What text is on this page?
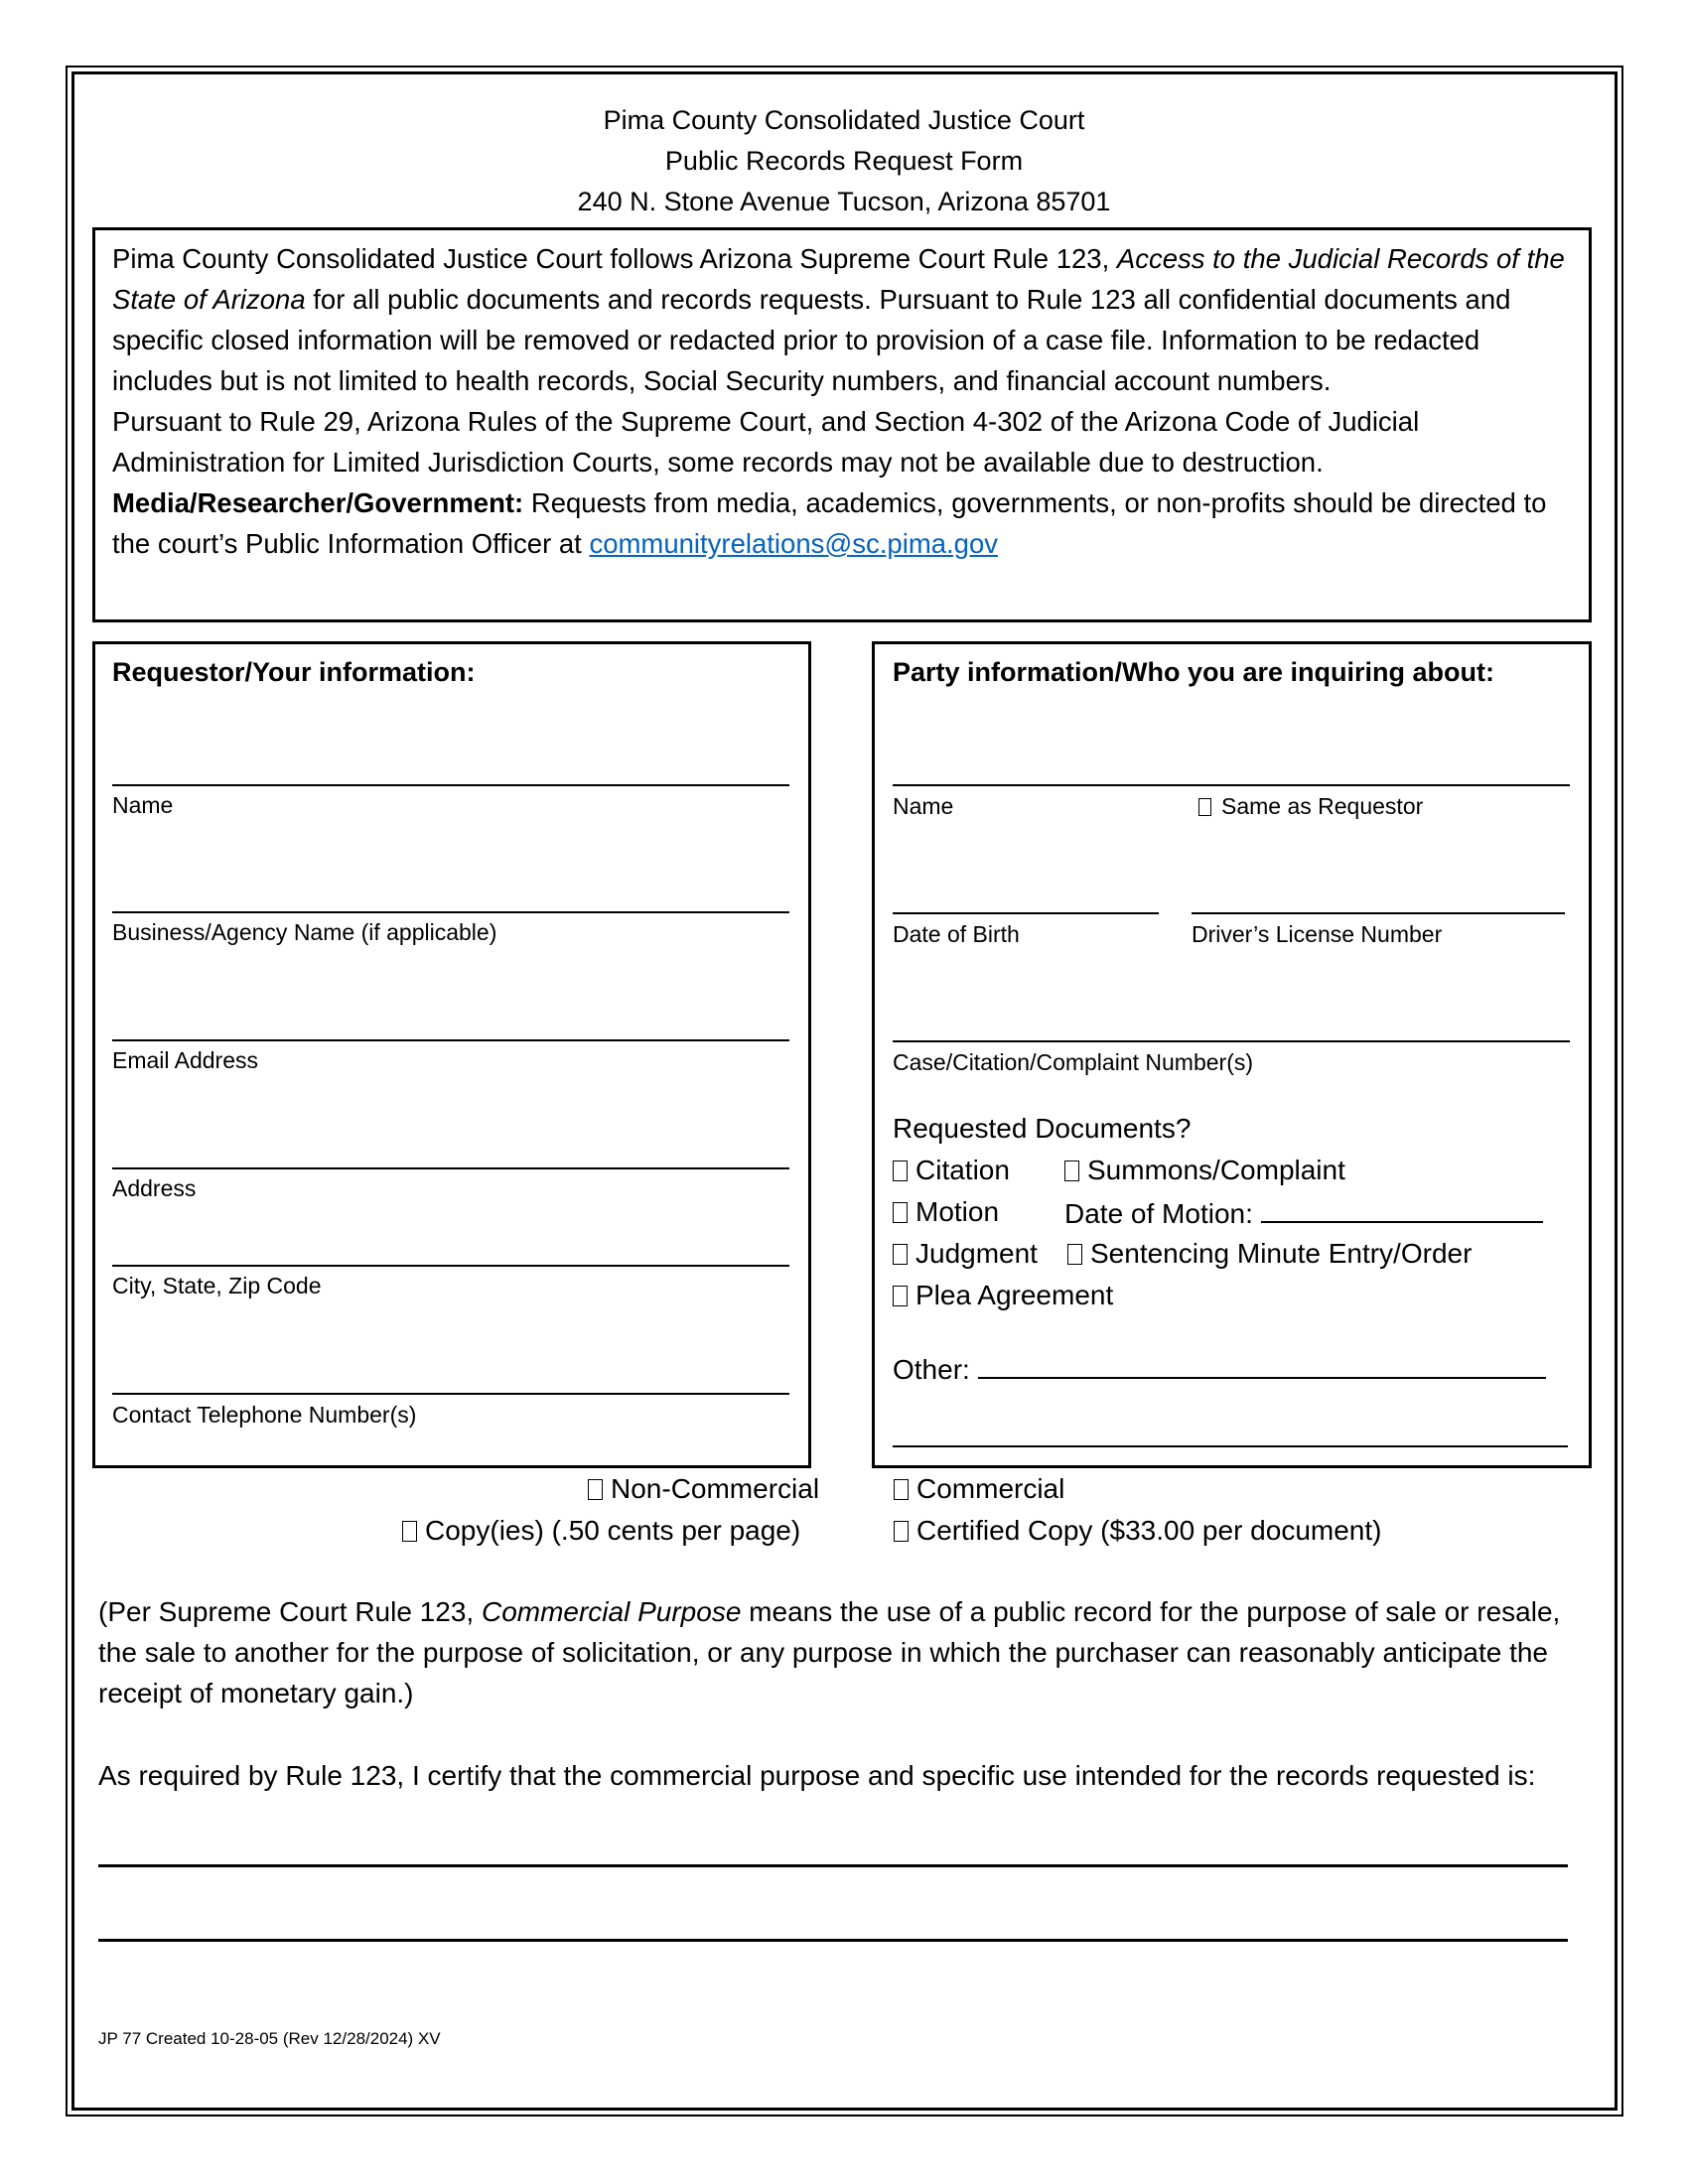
Pima County Consolidated Justice Court
Public Records Request Form
240 N. Stone Avenue Tucson, Arizona 85701

Pima County Consolidated Justice Court follows Arizona Supreme Court Rule 123, Access to the Judicial Records of the State of Arizona for all public documents and records requests. Pursuant to Rule 123 all confidential documents and specific closed information will be removed or redacted prior to provision of a case file. Information to be redacted includes but is not limited to health records, Social Security numbers, and financial account numbers.

Pursuant to Rule 29, Arizona Rules of the Supreme Court, and Section 4-302 of the Arizona Code of Judicial Administration for Limited Jurisdiction Courts, some records may not be available due to destruction.

Media/Researcher/Government: Requests from media, academics, governments, or non-profits should be directed to the court’s Public Information Officer at communityrelations@sc.pima.gov

Requestor/Your information:
Name
Business/Agency Name (if applicable)
Email Address
Address
City, State, Zip Code
Contact Telephone Number(s)
Party information/Who you are inquiring about:
Name	Same as Requestor
Date of Birth	Driver’s License Number
Case/Citation/Complaint Number(s)
Requested Documents?
Citation	Summons/Complaint
Motion Date of Motion:
Judgment	Sentencing Minute Entry/Order
Plea Agreement
Other:
Non-Commercial	Commercial
Copy(ies) (.50 cents per page)	Certified Copy ($33.00 per document)

(Per Supreme Court Rule 123, Commercial Purpose means the use of a public record for the purpose of sale or resale, the sale to another for the purpose of solicitation, or any purpose in which the purchaser can reasonably anticipate the receipt of monetary gain.)

As required by Rule 123, I certify that the commercial purpose and specific use intended for the records requested is:
JP 77 Created 10-28-05 (Rev 12/28/2024) XV
